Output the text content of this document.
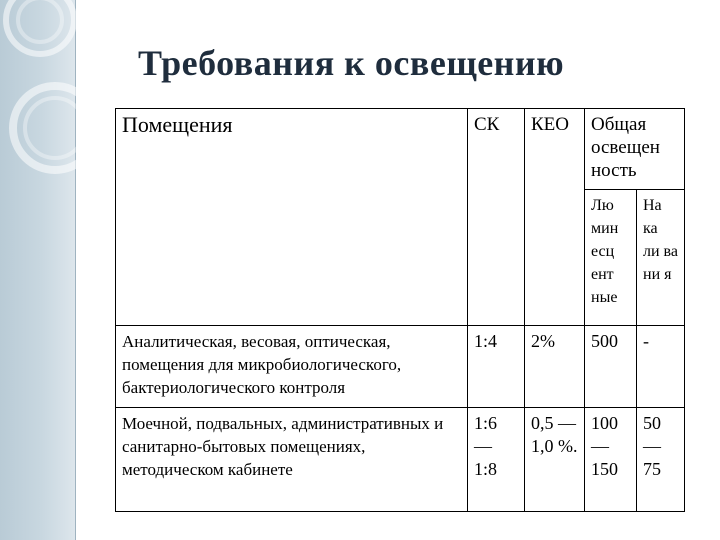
Требования к освещению
Помещения	СК	КЕО	Общая освещен ность	
			Лю мин есц ент ные	На ка ли ва ни я
Аналитическая, весовая, оптическая, помещения для микробиологического, бактериологического контроля	1:4	2%	500	-
Моечной, подвальных, административных и санитарно-бытовых помещениях, методическом кабинете	1:6 — 1:8	0,5 — 1,0 %.	100 — 150	50 — 75
